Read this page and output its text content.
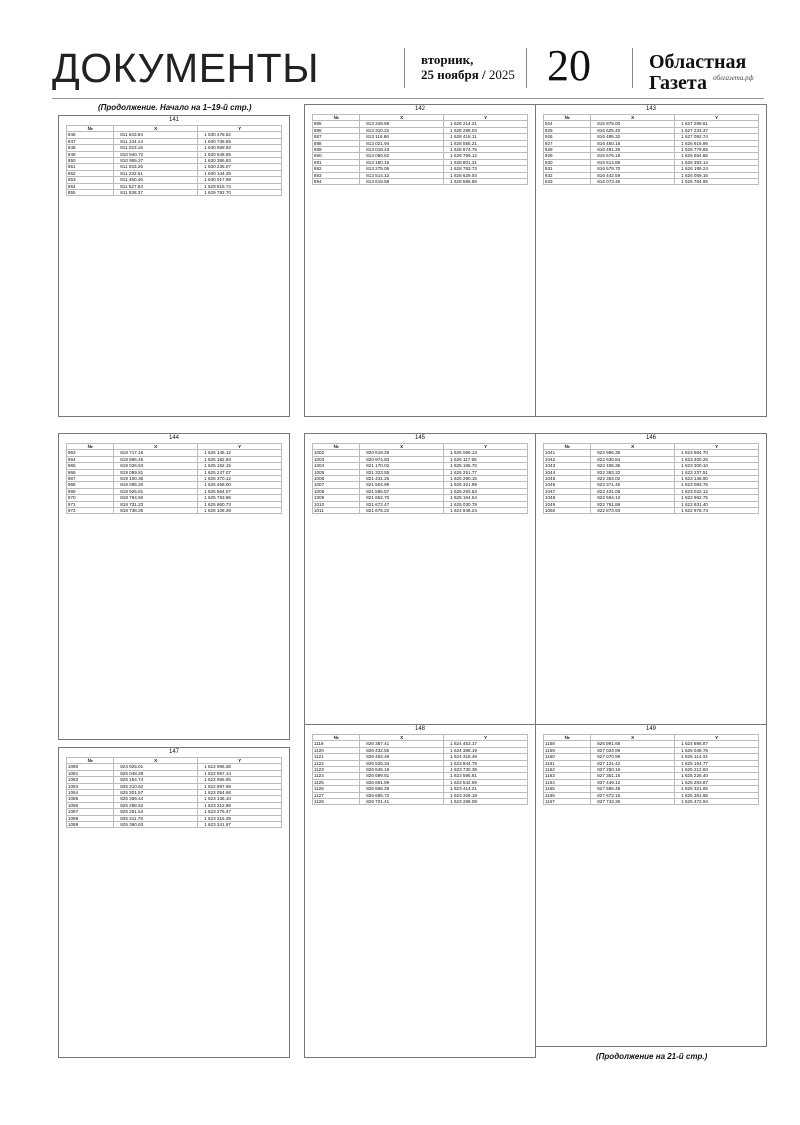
ДОКУМЕНТЫ	вторник,
25 ноября / 2025 20	Областная
Газета облгазета.рф
(Продолжение. Начало на 1–19-й стр.)
141
№	X	Y
846	811 643.84	1 630 478.62
847	811 134.14	1 630 736.55
848	811 023.16	1 630 668.92
849	810 940.72	1 630 548.55
850	810 955.27	1 630 386.83
851	811 033.25	1 630 235.07
852	811 232.51	1 630 144.25
853	811 450.46	1 630 017.69
854	811 527.83	1 629 915.74
855	811 538.37	1 629 792.70
142
№	X	Y
885	813 348.89	1 628 214.21
886	813 310.22	1 628 288.04
887	813 116.86	1 628 418.11
888	813 021.94	1 628 555.21
889	813 018.43	1 628 674.75
890	813 060.62	1 628 759.12
891	813 180.16	1 628 801.31
892	813 275.06	1 628 783.73
893	813 514.12	1 628 629.04
894	813 619.59	1 628 586.86
143
№	X	Y
924	816 875.00	1 627 289.61
925	816 625.40	1 627 233.37
926	816 495.32	1 627 092.74
927	816 460.16	1 626 916.96
928	816 481.26	1 626 779.85
929	816 576.18	1 626 554.86
930	816 614.86	1 626 393.14
931	816 579.70	1 626 189.24
932	816 442.59	1 626 059.16
933	816 073.46	1 625 784.95
144
№	X	Y
963	818 717.16	1 625 145.12
964	818 896.45	1 625 182.93
965	819 026.53	1 625 152.15
966	819 089.81	1 625 247.07
967	819 100.36	1 625 370.12
968	819 065.20	1 625 458.00
969	818 925.61	1 625 564.07
970	818 794.50	1 625 763.86
971	818 731.23	1 625 960.73
972	818 738.26	1 626 108.39
145
№	X	Y
1002	820 619.29	1 625 089.13
1003	820 974.83	1 625 117.95
1004	821 170.02	1 625 165.70
1005	821 323.55	1 625 251.77
1006	821 431.25	1 625 290.15
1007	821 504.99	1 625 321.89
1008	821 585.57	1 625 293.63
1009	821 652.70	1 625 164.54
1010	821 672.47	1 625 030.78
1011	821 675.22	1 624 946.24
146
№	X	Y
1041	822 986.35	1 623 584.70
1042	822 630.84	1 623 400.26
1043	822 406.35	1 623 300.10
1044	822 363.32	1 623 237.51
1045	822 354.02	1 623 148.90
1046	822 371.46	1 623 083.76
1047	822 431.06	1 623 022.12
1048	822 594.13	1 622 962.75
1049	822 751.89	1 622 931.40
1050	822 873.93	1 622 976.73
147
№	X	Y
1080	824 925.01	1 622 996.36
1081	825 048.28	1 622 957.14
1082	825 154.74	1 622 955.95
1083	825 310.62	1 622 997.69
1084	825 301.57	1 623 054.68
1085	825 366.44	1 623 136.10
1086	825 288.52	1 623 212.86
1087	825 281.54	1 623 275.47
1088	825 311.78	1 623 316.38
1089	825 360.63	1 623 341.97
148
№	X	Y
1119	826 387.41	1 624 453.17
1120	826 432.55	1 624 388.19
1121	826 463.48	1 624 318.48
1122	826 525.34	1 623 944.79
1123	826 645.16	1 623 730.38
1124	826 699.81	1 623 595.61
1125	826 691.89	1 623 542.69
1126	826 656.29	1 623 414.21
1127	826 665.72	1 623 326.18
1128	826 701.41	1 623 268.08
149
№	X	Y
1158	826 991.68	1 624 898.87
1159	827 024.99	1 625 048.76
1160	827 070.99	1 625 114.34
1161	827 121.42	1 625 164.77
1162	827 250.16	1 625 212.93
1163	827 351.15	1 625 226.40
1164	827 449.12	1 625 283.87
1165	827 586.48	1 625 321.65
1166	827 672.15	1 625 381.86
1167	827 743.36	1 625 472.94
(Продолжение на 21-й стр.)
